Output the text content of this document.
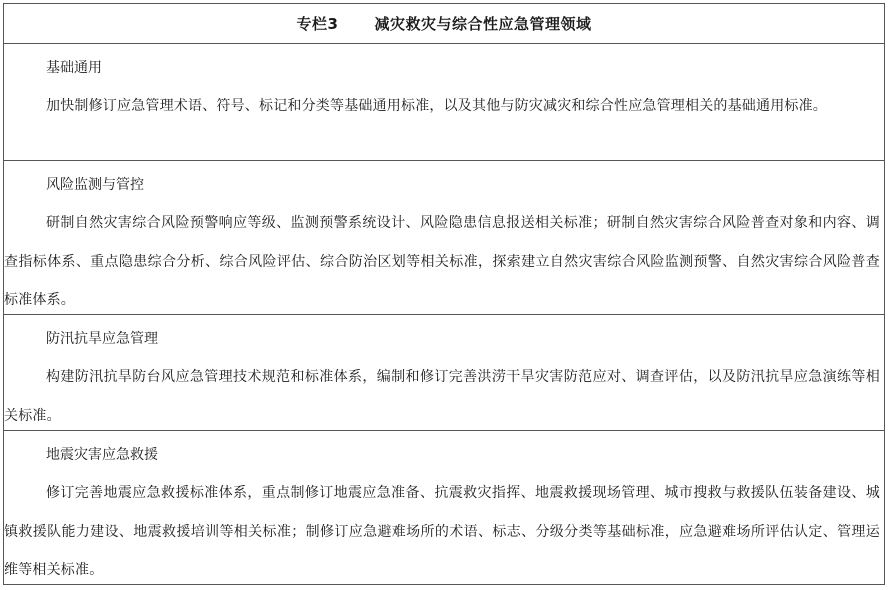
专栏3 减灾救灾与综合性应急管理领域
基础通用
加快制修订应急管理术语、符号、标记和分类等基础通用标准，以及其他与防灾减灾和综合性应急管理相关的基础通用标准。
风险监测与管控
研制自然灾害综合风险预警响应等级、监测预警系统设计、风险隐患信息报送相关标准；研制自然灾害综合风险普查对象和内容、调查指标体系、重点隐患综合分析、综合风险评估、综合防治区划等相关标准，探索建立自然灾害综合风险监测预警、自然灾害综合风险普查标准体系。
防汛抗旱应急管理
构建防汛抗旱防台风应急管理技术规范和标准体系，编制和修订完善洪涝干旱灾害防范应对、调查评估，以及防汛抗旱应急演练等相关标准。
地震灾害应急救援
修订完善地震应急救援标准体系，重点制修订地震应急准备、抗震救灾指挥、地震救援现场管理、城市搜救与救援队伍装备建设、城镇救援队能力建设、地震救援培训等相关标准；制修订应急避难场所的术语、标志、分级分类等基础标准，应急避难场所评估认定、管理运维等相关标准。
